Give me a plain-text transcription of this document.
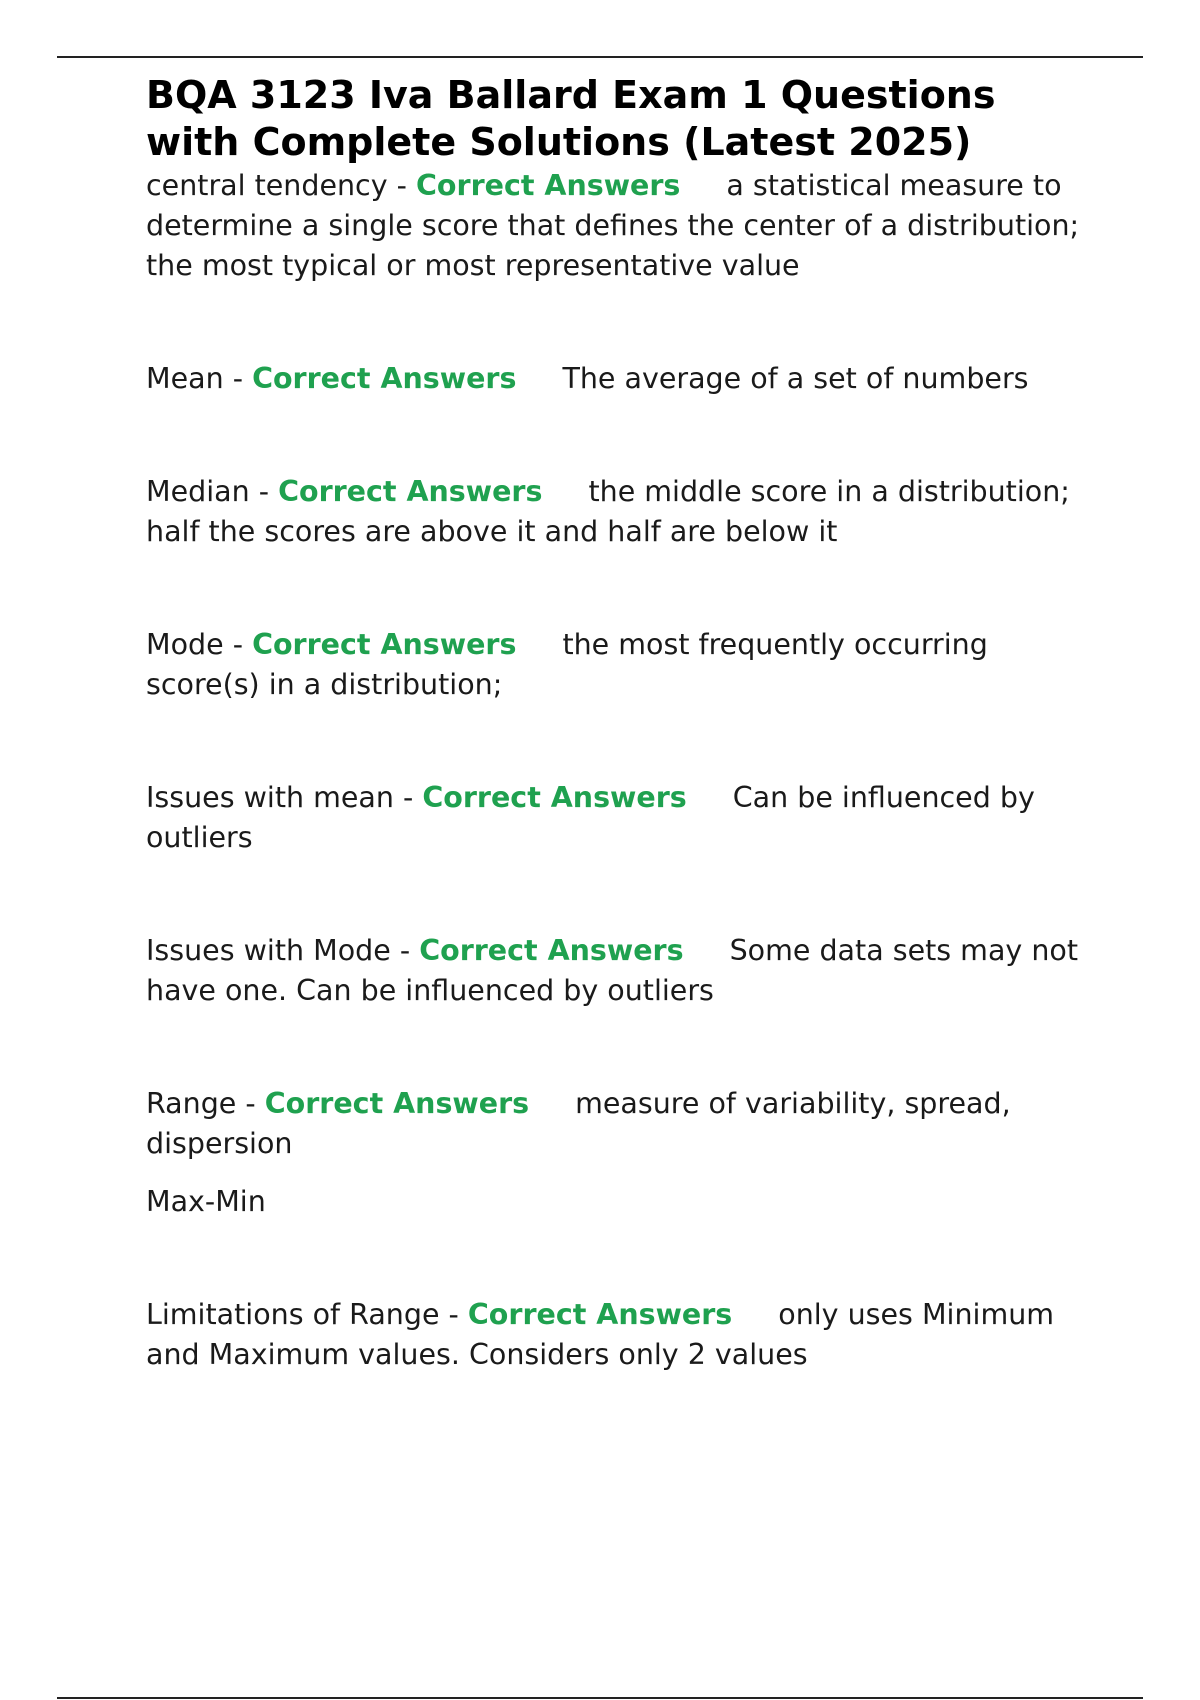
BQA 3123 Iva Ballard Exam 1 Questions with Complete Solutions (Latest 2025)

central tendency - Correct Answers a statistical measure to determine a single score that defines the center of a distribution; the most typical or most representative value

Mean - Correct Answers The average of a set of numbers

Median - Correct Answers the middle score in a distribution; half the scores are above it and half are below it

Mode - Correct Answers the most frequently occurring score(s) in a distribution;

Issues with mean - Correct Answers Can be influenced by outliers

Issues with Mode - Correct Answers Some data sets may not have one. Can be influenced by outliers

Range - Correct Answers measure of variability, spread, dispersion

Max-Min

Limitations of Range - Correct Answers only uses Minimum and Maximum values. Considers only 2 values
